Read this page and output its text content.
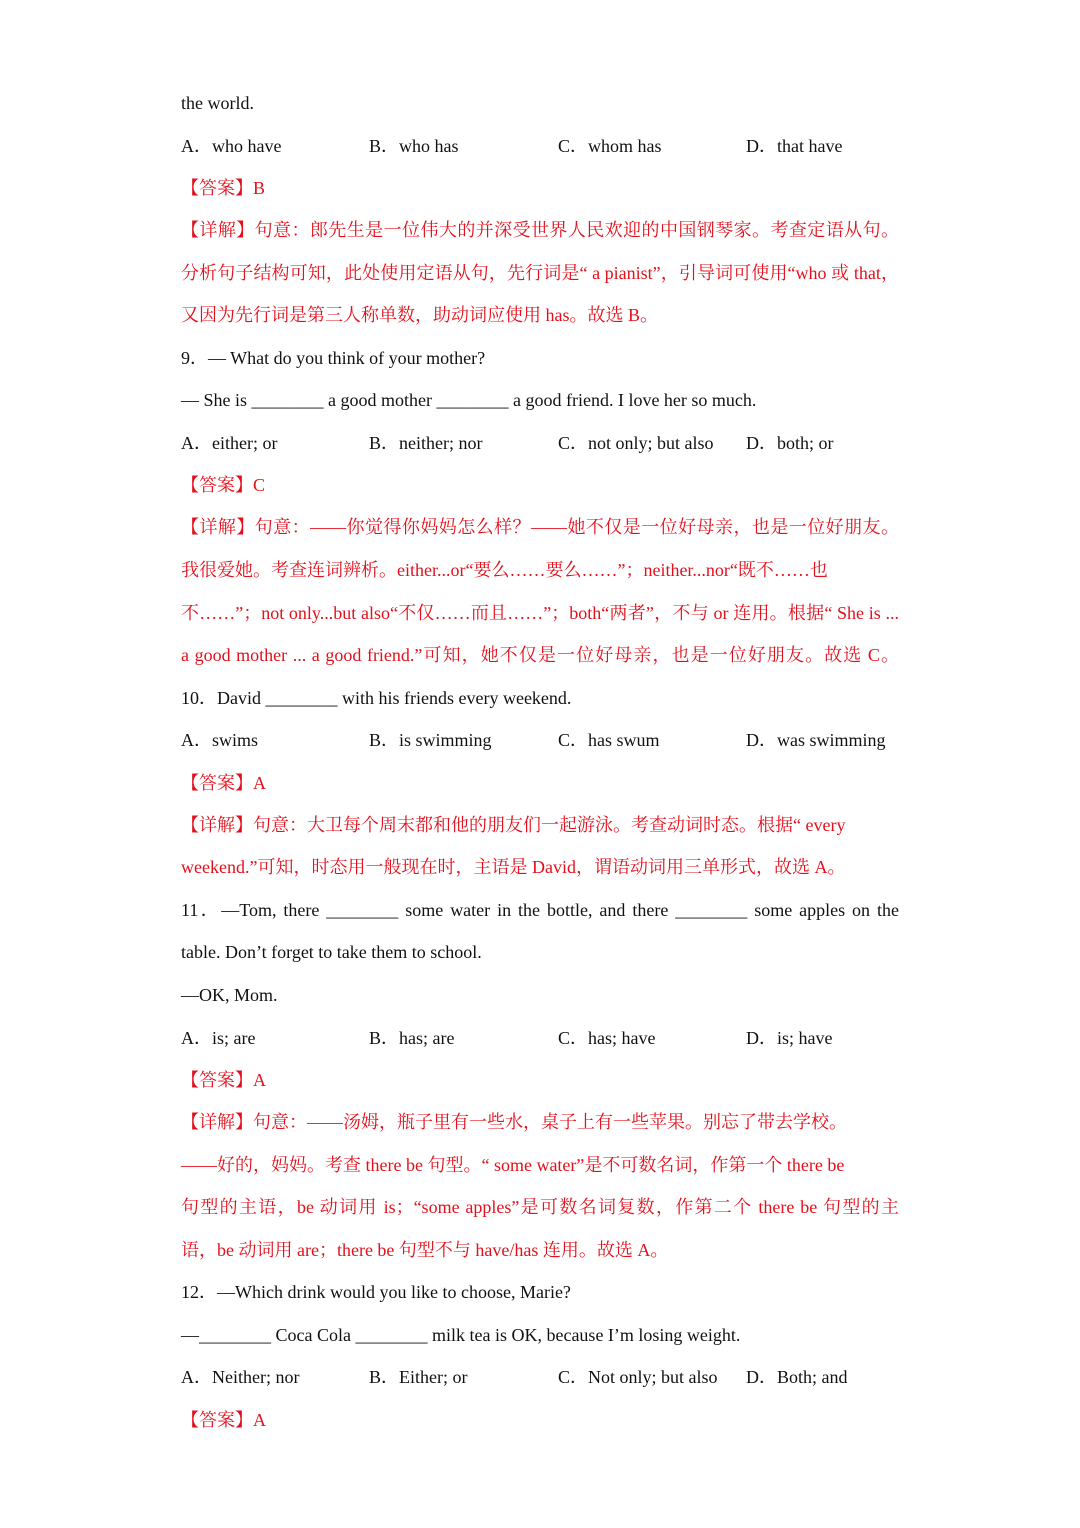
the world.
A．who have	B．who has	C．whom has	D．that have
【答案】B
【详解】句意：郎先生是一位伟大的并深受世界人民欢迎的中国钢琴家。考查定语从句。
分析句子结构可知，此处使用定语从句，先行词是“ a pianist”，引导词可使用“who 或 that，
又因为先行词是第三人称单数，助动词应使用 has。故选 B。
9．— What do you think of your mother?
— She is ________ a good mother ________ a good friend. I love her so much.
A．either; or	B．neither; nor	C．not only; but also D．both; or
【答案】C
【详解】句意：——你觉得你妈妈怎么样？——她不仅是一位好母亲，也是一位好朋友。
我很爱她。考查连词辨析。either...or“要么……要么……”；neither...nor“既不……也
不……”；not only...but also“不仅……而且……”；both“两者”，不与 or 连用。根据“ She is ...
a good mother ... a good friend.”可知，她不仅是一位好母亲，也是一位好朋友。故选 C。
10．David ________ with his friends every weekend.
A．swims	B．is swimming	C．has swum	D．was swimming
【答案】A
【详解】句意：大卫每个周末都和他的朋友们一起游泳。考查动词时态。根据“ every
weekend.”可知，时态用一般现在时，主语是 David，谓语动词用三单形式，故选 A。
11．—Tom, there ________ some water in the bottle, and there ________ some apples on the
table. Don’t forget to take them to school.
—OK, Mom.
A．is; are	B．has; are	C．has; have	D．is; have
【答案】A
【详解】句意：——汤姆，瓶子里有一些水，桌子上有一些苹果。别忘了带去学校。
——好的，妈妈。考查 there be 句型。“ some water”是不可数名词，作第一个 there be
句型的主语，be 动词用 is；“some apples”是可数名词复数，作第二个 there be 句型的主
语，be 动词用 are；there be 句型不与 have/has 连用。故选 A。
12．—Which drink would you like to choose, Marie?
—________ Coca Cola ________ milk tea is OK, because I’m losing weight.
A．Neither; nor	B．Either; or	C．Not only; but also D．Both; and
【答案】A
